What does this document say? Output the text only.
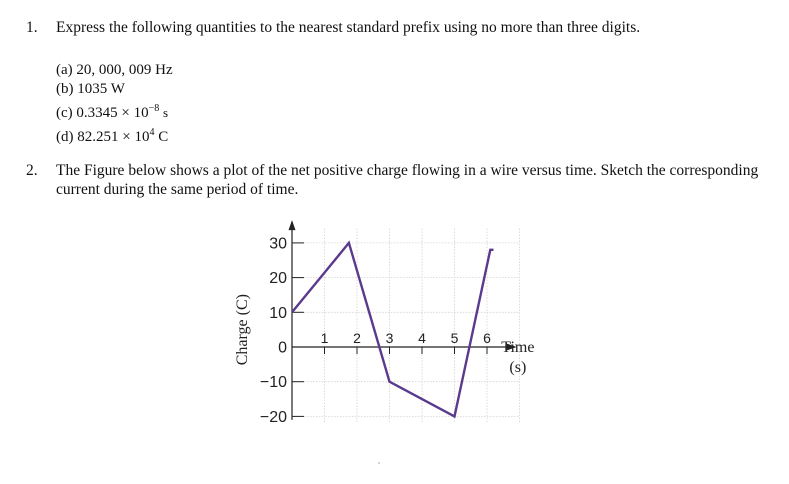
1. Express the following quantities to the nearest standard prefix using no more than three digits.
(a) 20, 000, 009 Hz
(b) 1035 W
(c) $0.3345 \times 10^{-8}$ s
(d) $82.251 \times 10^4$ C
2. The Figure below shows a plot of the net positive charge flowing in a wire versus time. Sketch the corresponding current during the same period of time.
30
20
10
0
−10
−20
1 2 3 4 5 6
Charge (C)	Time
(s)
